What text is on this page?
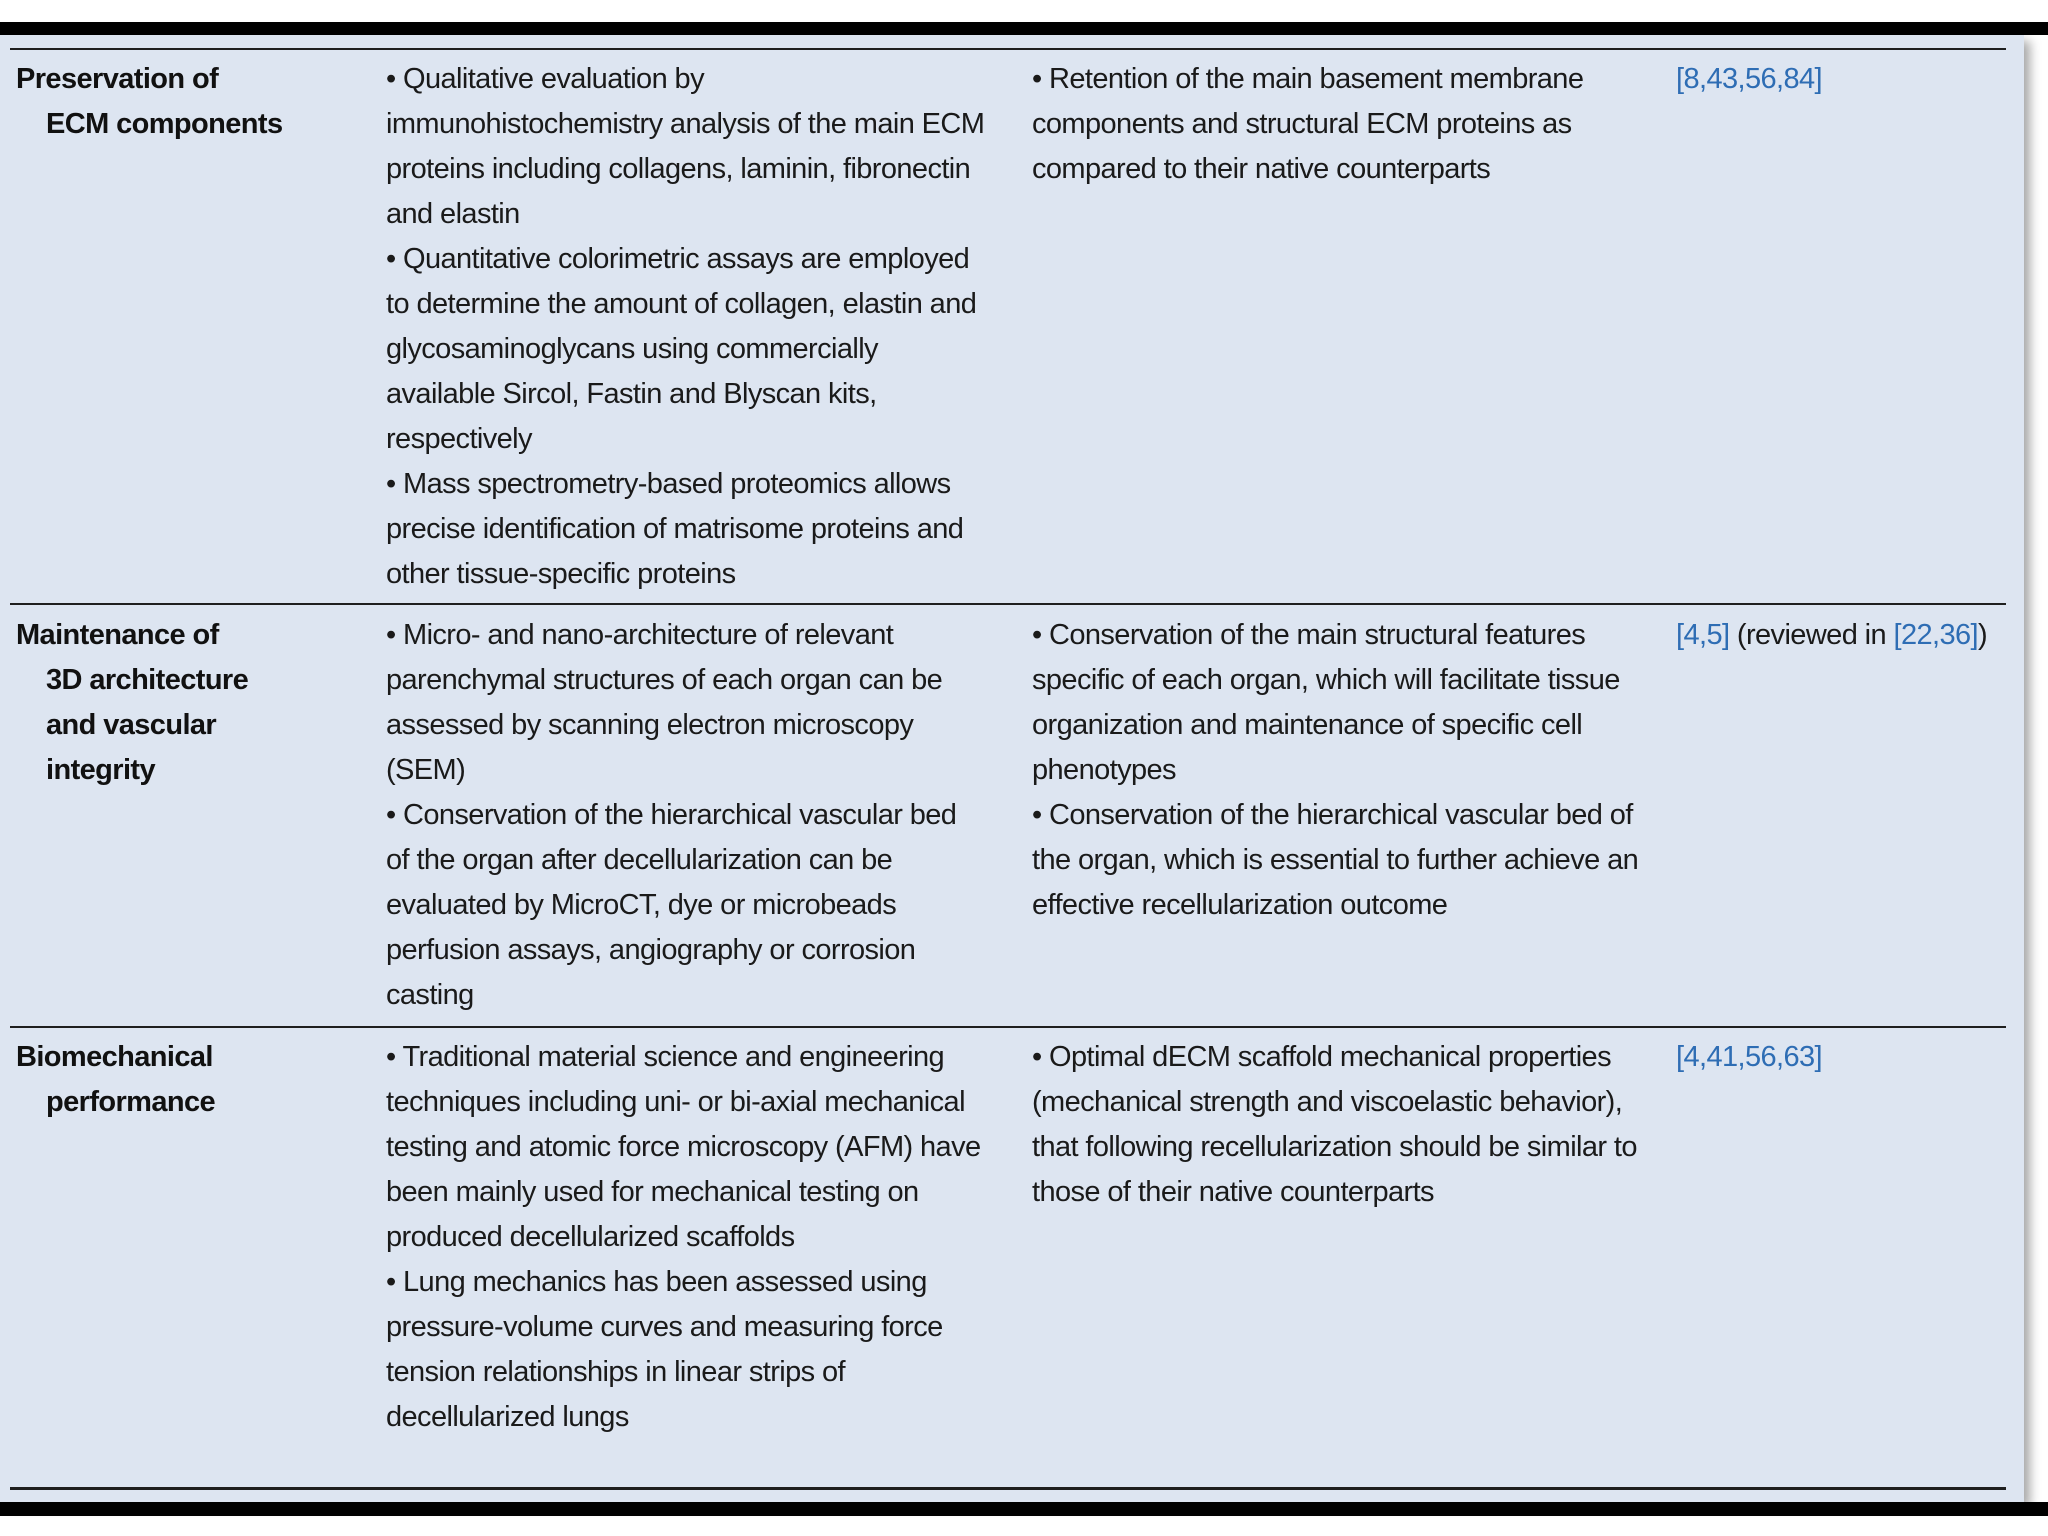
Preservation of
ECM components
• Qualitative evaluation by immunohistochemistry analysis of the main ECM proteins including collagens, laminin, fibronectin and elastin
• Quantitative colorimetric assays are employed to determine the amount of collagen, elastin and glycosaminoglycans using commercially available Sircol, Fastin and Blyscan kits, respectively
• Mass spectrometry-based proteomics allows precise identification of matrisome proteins and other tissue-specific proteins
• Retention of the main basement membrane components and structural ECM proteins as compared to their native counterparts
[8,43,56,84]
Maintenance of
3D architecture
and vascular
integrity
• Micro- and nano-architecture of relevant parenchymal structures of each organ can be assessed by scanning electron microscopy (SEM)
• Conservation of the hierarchical vascular bed of the organ after decellularization can be evaluated by MicroCT, dye or microbeads perfusion assays, angiography or corrosion casting
• Conservation of the main structural features specific of each organ, which will facilitate tissue organization and maintenance of specific cell phenotypes
• Conservation of the hierarchical vascular bed of the organ, which is essential to further achieve an effective recellularization outcome
[4,5] (reviewed in [22,36])
Biomechanical
performance
• Traditional material science and engineering techniques including uni- or bi-axial mechanical testing and atomic force microscopy (AFM) have been mainly used for mechanical testing on produced decellularized scaffolds
• Lung mechanics has been assessed using pressure-volume curves and measuring force tension relationships in linear strips of decellularized lungs
• Optimal dECM scaffold mechanical properties (mechanical strength and viscoelastic behavior), that following recellularization should be similar to those of their native counterparts
[4,41,56,63]
